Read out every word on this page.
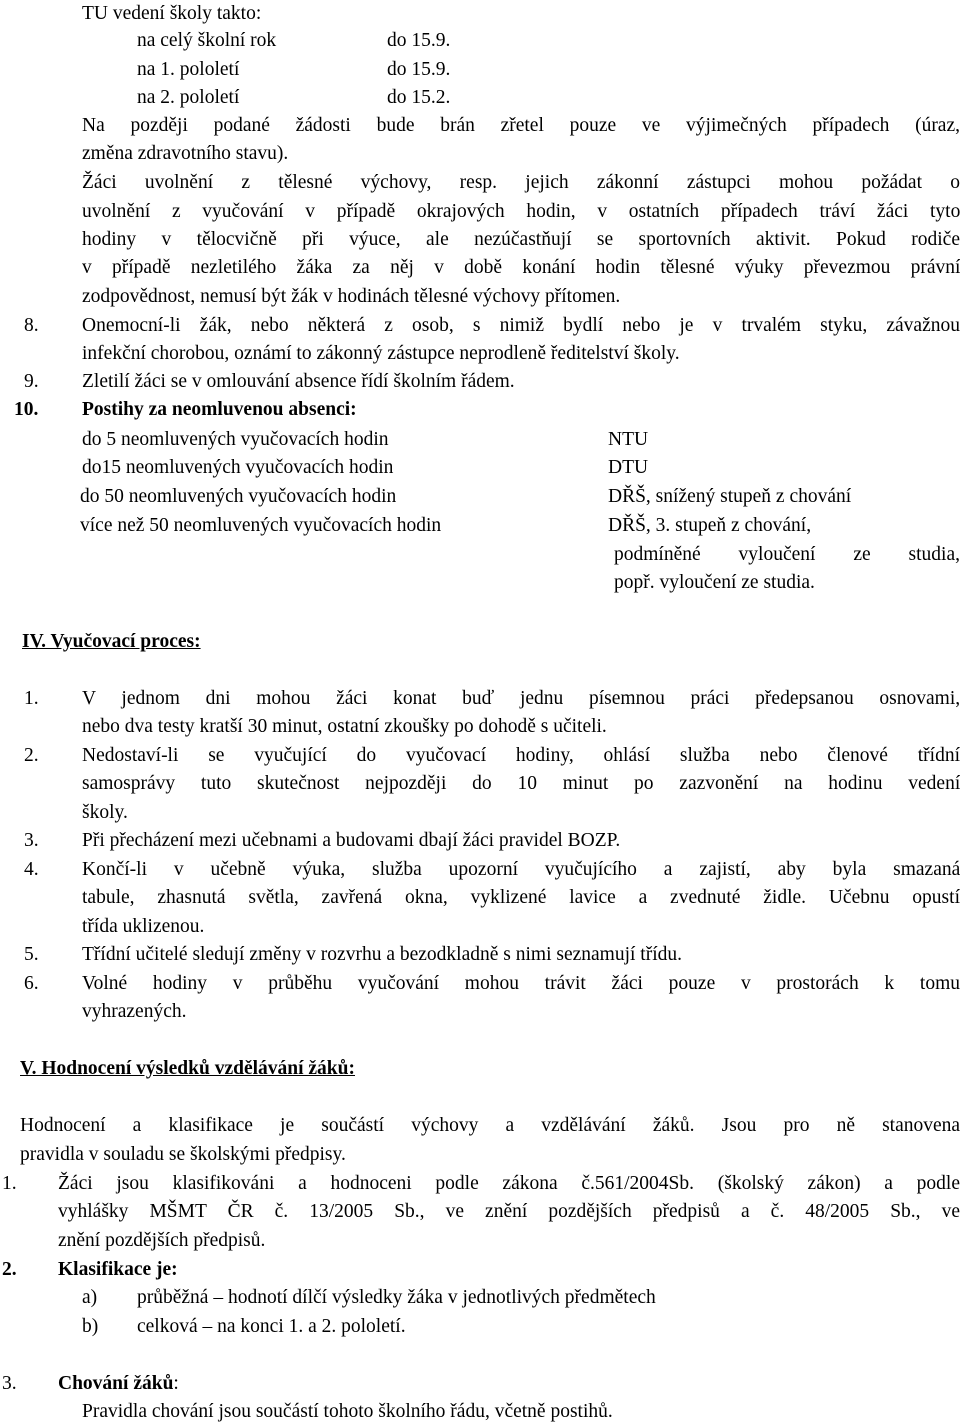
TU vedení školy takto:
na celý školní rok	do 15.9.
na 1. pololetí	do 15.9.
na 2. pololetí	do 15.2.
Na později podané žádosti bude brán zřetel pouze ve výjimečných případech (úraz,
změna zdravotního stavu).
Žáci uvolnění z tělesné výchovy, resp. jejich zákonní zástupci mohou požádat o
uvolnění z vyučování v případě okrajových hodin, v ostatních případech tráví žáci tyto
hodiny v tělocvičně při výuce, ale nezúčastňují se sportovních aktivit. Pokud rodiče
v případě nezletilého žáka za něj v době konání hodin tělesné výuky převezmou právní
zodpovědnost, nemusí být žák v hodinách tělesné výchovy přítomen.
8. Onemocní-li žák, nebo některá z osob, s nimiž bydlí nebo je v trvalém styku, závažnou
infekční chorobou, oznámí to zákonný zástupce neprodleně ředitelství školy.
9. Zletilí žáci se v omlouvání absence řídí školním řádem.
10. Postihy za neomluvenou absenci:
do 5 neomluvených vyučovacích hodin	NTU
do15 neomluvených vyučovacích hodin	DTU
do 50 neomluvených vyučovacích hodin	DŘŠ, snížený stupeň z chování
více než 50 neomluvených vyučovacích hodin	DŘŠ, 3. stupeň z chování,
podmíněné vyloučení ze studia,
popř. vyloučení ze studia.
IV. Vyučovací proces:
1. V jednom dni mohou žáci konat buď jednu písemnou práci předepsanou osnovami,
nebo dva testy kratší 30 minut, ostatní zkoušky po dohodě s učiteli.
2. Nedostaví-li se vyučující do vyučovací hodiny, ohlásí služba nebo členové třídní
samosprávy tuto skutečnost nejpozději do 10 minut po zazvonění na hodinu vedení
školy.
3. Při přecházení mezi učebnami a budovami dbají žáci pravidel BOZP.
4. Končí-li v učebně výuka, služba upozorní vyučujícího a zajistí, aby byla smazaná
tabule, zhasnutá světla, zavřená okna, vyklizené lavice a zvednuté židle. Učebnu opustí
třída uklizenou.
5. Třídní učitelé sledují změny v rozvrhu a bezodkladně s nimi seznamují třídu.
6. Volné hodiny v průběhu vyučování mohou trávit žáci pouze v prostorách k tomu
vyhrazených.
V. Hodnocení výsledků vzdělávání žáků:
Hodnocení a klasifikace je součástí výchovy a vzdělávání žáků. Jsou pro ně stanovena
pravidla v souladu se školskými předpisy.
1. Žáci jsou klasifikováni a hodnoceni podle zákona č.561/2004Sb. (školský zákon) a podle
vyhlášky MŠMT ČR č. 13/2005 Sb., ve znění pozdějších předpisů a č. 48/2005 Sb., ve
znění pozdějších předpisů.
2. Klasifikace je:
a) průběžná – hodnotí dílčí výsledky žáka v jednotlivých předmětech
b) celková – na konci 1. a 2. pololetí.
3. Chování žáků:
Pravidla chování jsou součástí tohoto školního řádu, včetně postihů.
